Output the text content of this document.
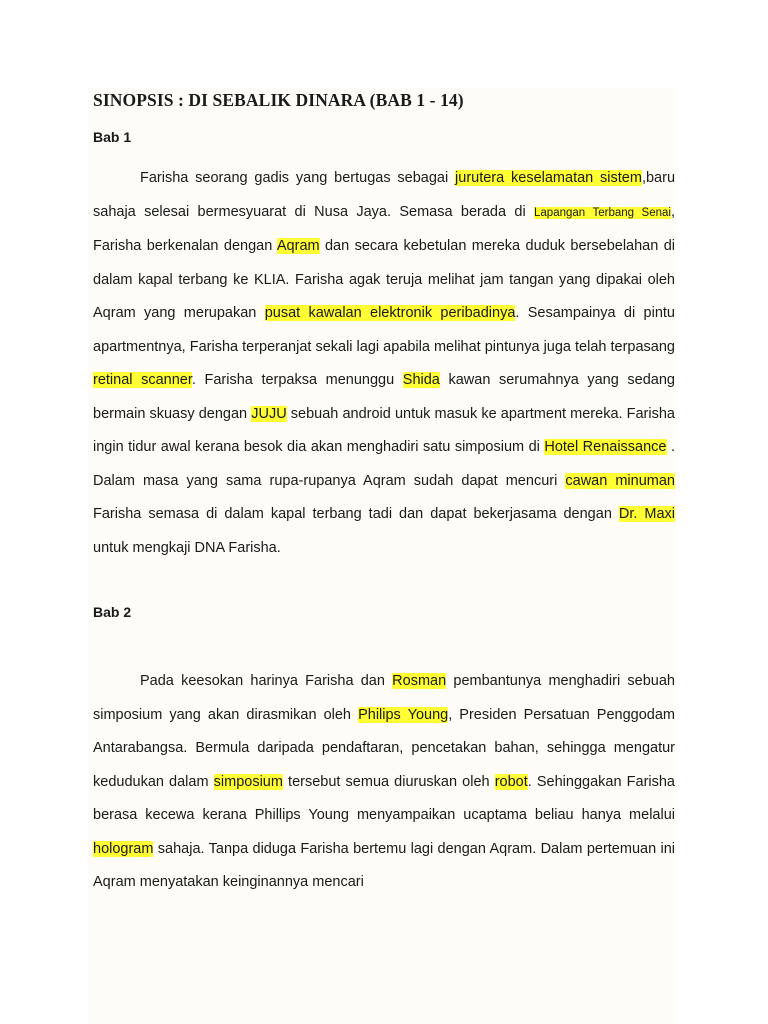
SINOPSIS : DI SEBALIK DINARA (BAB 1 - 14)
Bab 1

Farisha seorang gadis yang bertugas sebagai jurutera keselamatan sistem,baru sahaja selesai bermesyuarat di Nusa Jaya. Semasa berada di Lapangan Terbang Senai, Farisha berkenalan dengan Aqram dan secara kebetulan mereka duduk bersebelahan di dalam kapal terbang ke KLIA. Farisha agak teruja melihat jam tangan yang dipakai oleh Aqram yang merupakan pusat kawalan elektronik peribadinya. Sesampainya di pintu apartmentnya, Farisha terperanjat sekali lagi apabila melihat pintunya juga telah terpasang retinal scanner. Farisha terpaksa menunggu Shida kawan serumahnya yang sedang bermain skuasy dengan JUJU sebuah android untuk masuk ke apartment mereka. Farisha ingin tidur awal kerana besok dia akan menghadiri satu simposium di Hotel Renaissance . Dalam masa yang sama rupa-rupanya Aqram sudah dapat mencuri cawan minuman Farisha semasa di dalam kapal terbang tadi dan dapat bekerjasama dengan Dr. Maxi untuk mengkaji DNA Farisha.

Bab 2

Pada keesokan harinya Farisha dan Rosman pembantunya menghadiri sebuah simposium yang akan dirasmikan oleh Philips Young, Presiden Persatuan Penggodam Antarabangsa. Bermula daripada pendaftaran, pencetakan bahan, sehingga mengatur kedudukan dalam simposium tersebut semua diuruskan oleh robot. Sehinggakan Farisha berasa kecewa kerana Phillips Young menyampaikan ucaptama beliau hanya melalui hologram sahaja. Tanpa diduga Farisha bertemu lagi dengan Aqram. Dalam pertemuan ini Aqram menyatakan keinginannya mencari
